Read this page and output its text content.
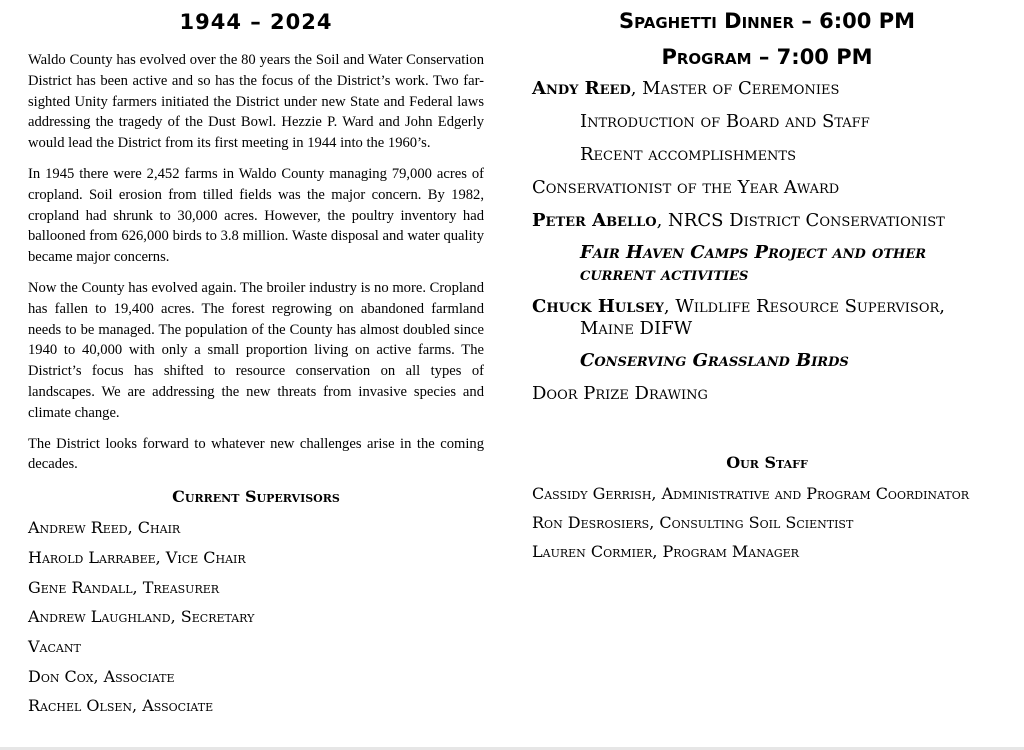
1944 – 2024

Waldo County has evolved over the 80 years the Soil and Water Conservation District has been active and so has the focus of the District’s work. Two far-sighted Unity farmers initiated the District under new State and Federal laws addressing the tragedy of the Dust Bowl. Hezzie P. Ward and John Edgerly would lead the District from its first meeting in 1944 into the 1960’s.

In 1945 there were 2,452 farms in Waldo County managing 79,000 acres of cropland. Soil erosion from tilled fields was the major concern. By 1982, cropland had shrunk to 30,000 acres. However, the poultry inventory had ballooned from 626,000 birds to 3.8 million. Waste disposal and water quality became major concerns.

Now the County has evolved again. The broiler industry is no more. Cropland has fallen to 19,400 acres. The forest regrowing on abandoned farmland needs to be managed. The population of the County has almost doubled since 1940 to 40,000 with only a small proportion living on active farms. The District’s focus has shifted to resource conservation on all types of landscapes. We are addressing the new threats from invasive species and climate change.

The District looks forward to whatever new challenges arise in the coming decades.

Current Supervisors
Andrew Reed, Chair
Harold Larrabee, Vice Chair
Gene Randall, Treasurer
Andrew Laughland, Secretary
Vacant
Don Cox, Associate
Rachel Olsen, Associate
Spaghetti Dinner – 6:00 PM
Program – 7:00 PM
Andy Reed, Master of Ceremonies
Introduction of Board and Staff
Recent accomplishments
Conservationist of the Year Award
Peter Abello, NRCS District Conservationist
Fair Haven Camps Project and other current activities
Chuck Hulsey, Wildlife Resource Supervisor, Maine DIFW
Conserving Grassland Birds
Door Prize Drawing
Our Staff
Cassidy Gerrish, Administrative and Program Coordinator
Ron Desrosiers, Consulting Soil Scientist
Lauren Cormier, Program Manager
